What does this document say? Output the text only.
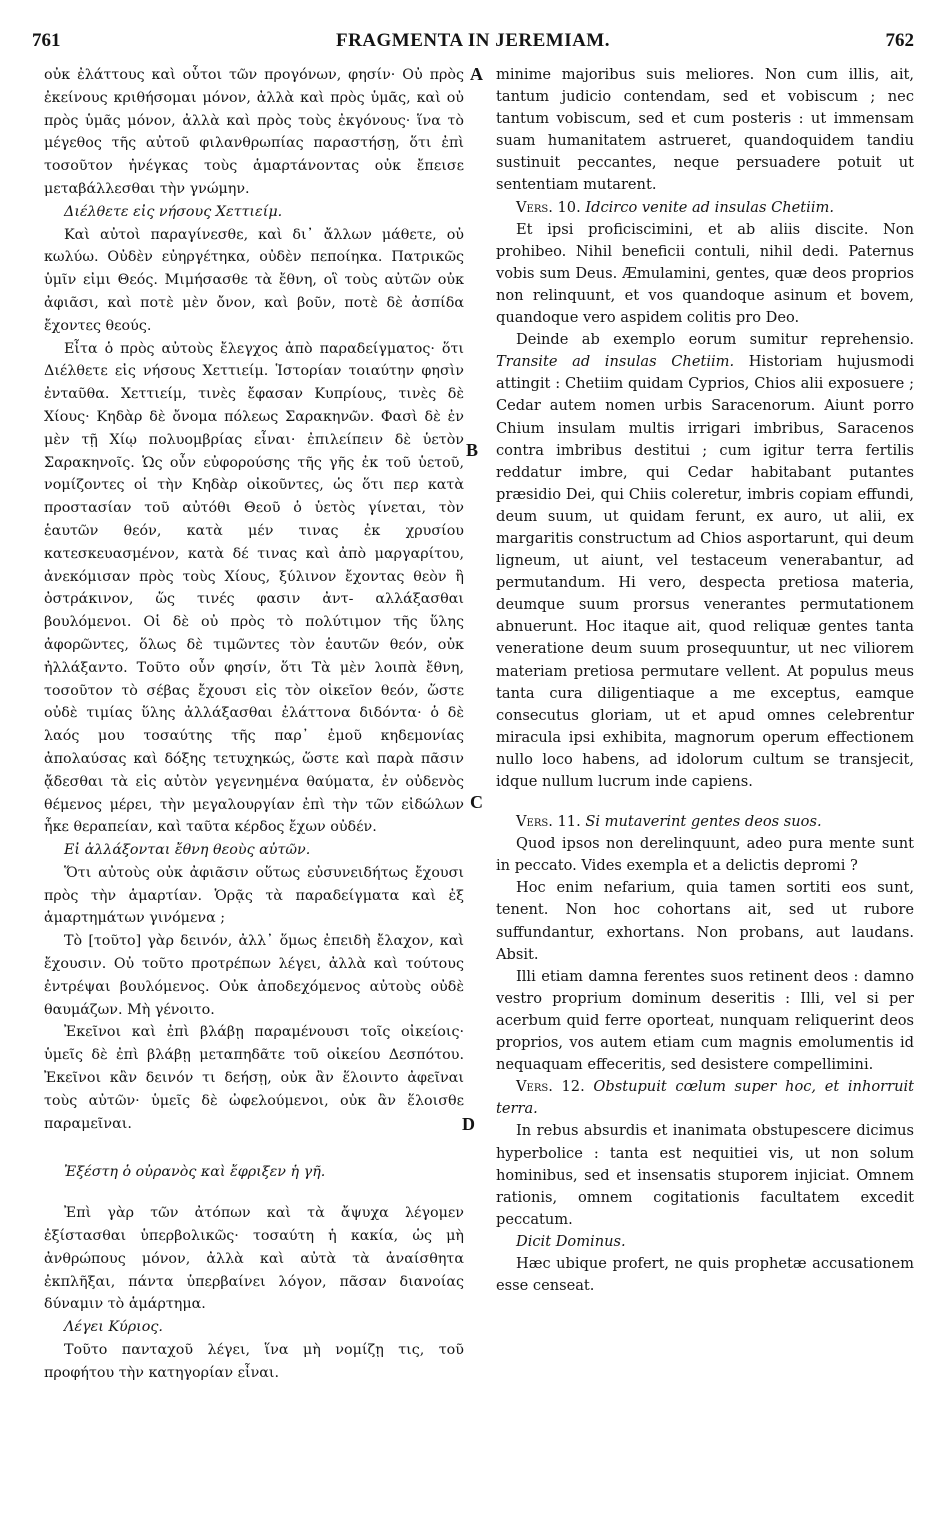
761	FRAGMENTA IN JEREMIAM.	762

οὐκ ἐλάττους καὶ οὗτοι τῶν προγόνων, φησίν· Οὐ πρὸς ἐκείνους κριθήσομαι μόνον, ἀλλὰ καὶ πρὸς ὑμᾶς, καὶ οὐ πρὸς ὑμᾶς μόνον, ἀλλὰ καὶ πρὸς τοὺς ἐκγόνους· ἵνα τὸ μέγεθος τῆς αὐτοῦ φιλανθρωπίας παραστήσῃ, ὅτι ἐπὶ τοσοῦτον ἠνέγκας τοὺς ἁμαρτάνοντας οὐκ ἔπεισε μεταβάλλεσθαι τὴν γνώμην.

Διέλθετε εἰς νήσους Χεττιείμ.

Καὶ αὐτοὶ παραγίνεσθε, καὶ δι᾽ ἄλλων μάθετε, οὐ κωλύω. Οὐδὲν εὐηργέτηκα, οὐδὲν πεποίηκα. Πατρικῶς ὑμῖν εἰμι Θεός. Μιμήσασθε τὰ ἔθνη, οἳ τοὺς αὐτῶν οὐκ ἀφιᾶσι, καὶ ποτὲ μὲν ὄνον, καὶ βοῦν, ποτὲ δὲ ἀσπίδα ἔχοντες θεούς.

Εἶτα ὁ πρὸς αὐτοὺς ἔλεγχος ἀπὸ παραδείγματος· ὅτι Διέλθετε εἰς νήσους Χεττιείμ. Ἱστορίαν τοιαύτην φησὶν ἐνταῦθα. Χεττιείμ, τινὲς ἔφασαν Κυπρίους, τινὲς δὲ Χίους· Κηδὰρ δὲ ὄνομα πόλεως Σαρακηνῶν. Φασὶ δὲ ἐν μὲν τῇ Χίῳ πολυομβρίας εἶναι· ἐπιλείπειν δὲ ὑετὸν Σαρακηνοῖς. Ὡς οὖν εὐφορούσης τῆς γῆς ἐκ τοῦ ὑετοῦ, νομίζοντες οἱ τὴν Κηδὰρ οἰκοῦντες, ὡς ὅτι περ κατὰ προστασίαν τοῦ αὐτόθι Θεοῦ ὁ ὑετὸς γίνεται, τὸν ἑαυτῶν θεόν, κατὰ μέν τινας ἐκ χρυσίου κατεσκευασμένον, κατὰ δέ τινας καὶ ἀπὸ μαργαρίτου, ἀνεκόμισαν πρὸς τοὺς Χίους, ξύλινον ἔχοντας θεὸν ἢ ὀστράκινον, ὥς τινές φασιν ἀντ- αλλάξασθαι βουλόμενοι. Οἱ δὲ οὐ πρὸς τὸ πολύτιμον τῆς ὕλης ἀφορῶντες, ὅλως δὲ τιμῶντες τὸν ἑαυτῶν θεόν, οὐκ ἠλλάξαντο. Τοῦτο οὖν φησίν, ὅτι Τὰ μὲν λοιπὰ ἔθνη, τοσοῦτον τὸ σέβας ἔχουσι εἰς τὸν οἰκεῖον θεόν, ὥστε οὐδὲ τιμίας ὕλης ἀλλάξασθαι ἐλάττονα διδόντα· ὁ δὲ λαός μου τοσαύτης τῆς παρ᾽ ἐμοῦ κηδεμονίας ἀπολαύσας καὶ δόξης τετυχηκώς, ὥστε καὶ παρὰ πᾶσιν ᾄδεσθαι τὰ εἰς αὐτὸν γεγενημένα θαύματα, ἐν οὐδενὸς θέμενος μέρει, τὴν μεγαλουργίαν ἐπὶ τὴν τῶν εἰδώλων ἧκε θεραπείαν, καὶ ταῦτα κέρδος ἔχων οὐδέν.

Εἰ ἀλλάξονται ἔθνη θεοὺς αὐτῶν.

Ὅτι αὐτοὺς οὐκ ἀφιᾶσιν οὕτως εὐσυνειδήτως ἔχουσι πρὸς τὴν ἁμαρτίαν. Ὁρᾷς τὰ παραδείγματα καὶ ἐξ ἁμαρτημάτων γινόμενα ;

Τὸ [τοῦτο] γὰρ δεινόν, ἀλλ᾽ ὅμως ἐπειδὴ ἔλαχον, καὶ ἔχουσιν. Οὐ τοῦτο προτρέπων λέγει, ἀλλὰ καὶ τούτους ἐντρέψαι βουλόμενος. Οὐκ ἀποδεχόμενος αὐτοὺς οὐδὲ θαυμάζων. Μὴ γένοιτο.

Ἐκεῖνοι καὶ ἐπὶ βλάβῃ παραμένουσι τοῖς οἰκείοις· ὑμεῖς δὲ ἐπὶ βλάβῃ μεταπηδᾶτε τοῦ οἰκείου Δεσπότου. Ἐκεῖνοι κἂν δεινόν τι δεήσῃ, οὐκ ἂν ἕλοιντο ἀφεῖναι τοὺς αὐτῶν· ὑμεῖς δὲ ὠφελούμενοι, οὐκ ἂν ἕλοισθε παραμεῖναι.

Ἐξέστη ὁ οὐρανὸς καὶ ἔφριξεν ἡ γῆ.

Ἐπὶ γὰρ τῶν ἀτόπων καὶ τὰ ἄψυχα λέγομεν ἐξίστασθαι ὑπερβολικῶς· τοσαύτη ἡ κακία, ὡς μὴ ἀνθρώπους μόνον, ἀλλὰ καὶ αὐτὰ τὰ ἀναίσθητα ἐκπλῆξαι, πάντα ὑπερβαίνει λόγον, πᾶσαν διανοίας δύναμιν τὸ ἁμάρτημα.

Λέγει Κύριος.

Τοῦτο πανταχοῦ λέγει, ἵνα μὴ νομίζῃ τις, τοῦ προφήτου τὴν κατηγορίαν εἶναι.

minime majoribus suis meliores. Non cum illis, ait, tantum judicio contendam, sed et vobiscum ; nec tantum vobiscum, sed et cum posteris : ut immensam suam humanitatem astrueret, quandoquidem tandiu sustinuit peccantes, neque persuadere potuit ut sententiam mutarent.

Vers. 10. Idcirco venite ad insulas Chetiim.

Et ipsi proficiscimini, et ab aliis discite. Non prohibeo. Nihil beneficii contuli, nihil dedi. Paternus vobis sum Deus. Æmulamini, gentes, quæ deos proprios non relinquunt, et vos quandoque asinum et bovem, quandoque vero aspidem colitis pro Deo.

Deinde ab exemplo eorum sumitur reprehensio. Transite ad insulas Chetiim. Historiam hujusmodi attingit : Chetiim quidam Cyprios, Chios alii exposuere ; Cedar autem nomen urbis Saracenorum. Aiunt porro Chium insulam multis irrigari imbribus, Saracenos contra imbribus destitui ; cum igitur terra fertilis reddatur imbre, qui Cedar habitabant putantes præsidio Dei, qui Chiis coleretur, imbris copiam effundi, deum suum, ut quidam ferunt, ex auro, ut alii, ex margaritis constructum ad Chios asportarunt, qui deum ligneum, ut aiunt, vel testaceum venerabantur, ad permutandum. Hi vero, despecta pretiosa materia, deumque suum prorsus venerantes permutationem abnuerunt. Hoc itaque ait, quod reliquæ gentes tanta veneratione deum suum prosequuntur, ut nec viliorem materiam pretiosa permutare vellent. At populus meus tanta cura diligentiaque a me exceptus, eamque consecutus gloriam, ut et apud omnes celebrentur miracula ipsi exhibita, magnorum operum effectionem nullo loco habens, ad idolorum cultum se transjecit, idque nullum lucrum inde capiens.

Vers. 11. Si mutaverint gentes deos suos.

Quod ipsos non derelinquunt, adeo pura mente sunt in peccato. Vides exempla et a delictis depromi ?

Hoc enim nefarium, quia tamen sortiti eos sunt, tenent. Non hoc cohortans ait, sed ut rubore suffundantur, exhortans. Non probans, aut laudans. Absit.

Illi etiam damna ferentes suos retinent deos : damno vestro proprium dominum deseritis : Illi, vel si per acerbum quid ferre oporteat, nunquam reliquerint deos proprios, vos autem etiam cum magnis emolumentis id nequaquam effeceritis, sed desistere compellimini.

Vers. 12. Obstupuit cœlum super hoc, et inhorruit terra.

In rebus absurdis et inanimata obstupescere dicimus hyperbolice : tanta est nequitiei vis, ut non solum hominibus, sed et insensatis stuporem injiciat. Omnem rationis, omnem cogitationis facultatem excedit peccatum.

Dicit Dominus.

Hæc ubique profert, ne quis prophetæ accusationem esse censeat.

A
B
C
D
